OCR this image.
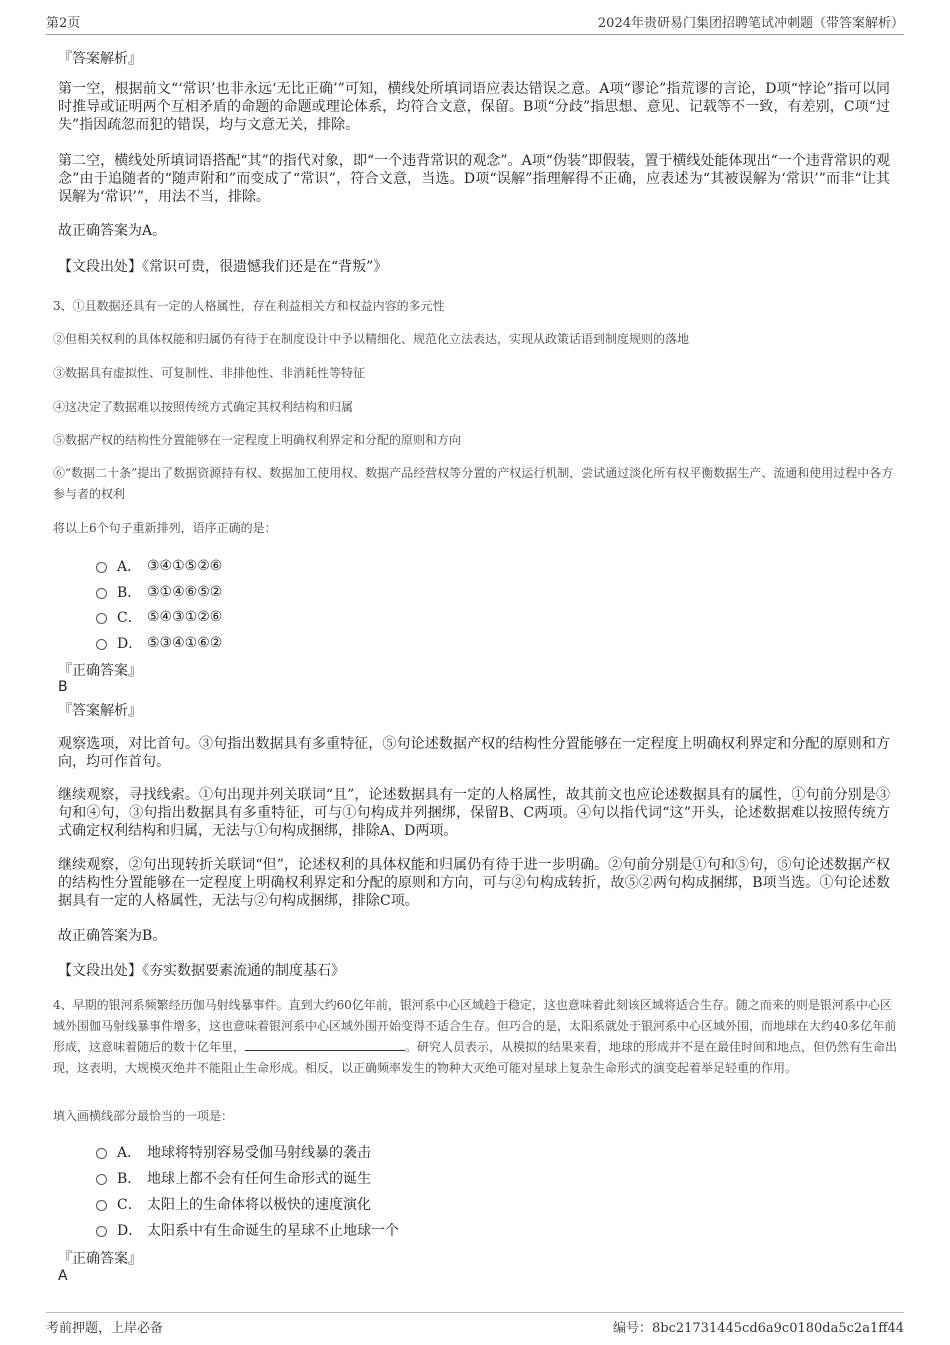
第2页	2024年贵研易门集团招聘笔试冲刺题（带答案解析）
『答案解析』

第一空，根据前文“‘常识’也非永远‘无比正确’”可知，横线处所填词语应表达错误之意。A项“谬论”指荒谬的言论，D项“悖论”指可以同时推导或证明两个互相矛盾的命题的命题或理论体系，均符合文意，保留。B项“分歧”指思想、意见、记载等不一致，有差别，C项“过失”指因疏忽而犯的错误，均与文意无关，排除。

第二空，横线处所填词语搭配“其”的指代对象，即“一个违背常识的观念”。A项“伪装”即假装，置于横线处能体现出“一个违背常识的观念”由于追随者的“随声附和”而变成了“常识”，符合文意，当选。D项“误解”指理解得不正确，应表述为“其被误解为‘常识’”而非“让其误解为‘常识’”，用法不当，排除。

故正确答案为A。
【文段出处】《常识可贵，很遗憾我们还是在“背叛”》

3、①且数据还具有一定的人格属性，存在利益相关方和权益内容的多元性

②但相关权利的具体权能和归属仍有待于在制度设计中予以精细化、规范化立法表达，实现从政策话语到制度规则的落地

③数据具有虚拟性、可复制性、非排他性、非消耗性等特征

④这决定了数据难以按照传统方式确定其权利结构和归属

⑤数据产权的结构性分置能够在一定程度上明确权利界定和分配的原则和方向

⑥“数据二十条”提出了数据资源持有权、数据加工使用权、数据产品经营权等分置的产权运行机制，尝试通过淡化所有权平衡数据生产、流通和使用过程中各方参与者的权利

将以上6个句子重新排列，语序正确的是：

A． ③④①⑤②⑥
B． ③①④⑥⑤②
C． ⑤④③①②⑥
D． ⑤③④①⑥②
『正确答案』
B
『答案解析』

观察选项，对比首句。③句指出数据具有多重特征，⑤句论述数据产权的结构性分置能够在一定程度上明确权利界定和分配的原则和方向，均可作首句。

继续观察，寻找线索。①句出现并列关联词“且”，论述数据具有一定的人格属性，故其前文也应论述数据具有的属性，①句前分别是③句和④句，③句指出数据具有多重特征，可与①句构成并列捆绑，保留B、C两项。④句以指代词“这”开头，论述数据难以按照传统方式确定权利结构和归属，无法与①句构成捆绑，排除A、D两项。

继续观察，②句出现转折关联词“但”，论述权利的具体权能和归属仍有待于进一步明确。②句前分别是①句和⑤句，⑤句论述数据产权的结构性分置能够在一定程度上明确权利界定和分配的原则和方向，可与②句构成转折，故⑤②两句构成捆绑，B项当选。①句论述数据具有一定的人格属性，无法与②句构成捆绑，排除C项。

故正确答案为B。
【文段出处】《夯实数据要素流通的制度基石》

4、早期的银河系频繁经历伽马射线暴事件。直到大约60亿年前，银河系中心区域趋于稳定，这也意味着此刻该区域将适合生存。随之而来的则是银河系中心区域外围伽马射线暴事件增多，这也意味着银河系中心区域外围开始变得不适合生存。但巧合的是，太阳系就处于银河系中心区域外围，而地球在大约40多亿年前形成，这意味着随后的数十亿年里，	。研究人员表示，从模拟的结果来看，地球的形成并不是在最佳时间和地点，但仍然有生命出现，这表明，大规模灭绝并不能阻止生命形成。相反，以正确频率发生的物种大灭绝可能对星球上复杂生命形式的演变起着举足轻重的作用。

填入画横线部分最恰当的一项是：

A． 地球将特别容易受伽马射线暴的袭击
B． 地球上都不会有任何生命形式的诞生
C． 太阳上的生命体将以极快的速度演化
D． 太阳系中有生命诞生的星球不止地球一个
『正确答案』
A
考前押题，上岸必备	编号：8bc21731445cd6a9c0180da5c2a1ff44
